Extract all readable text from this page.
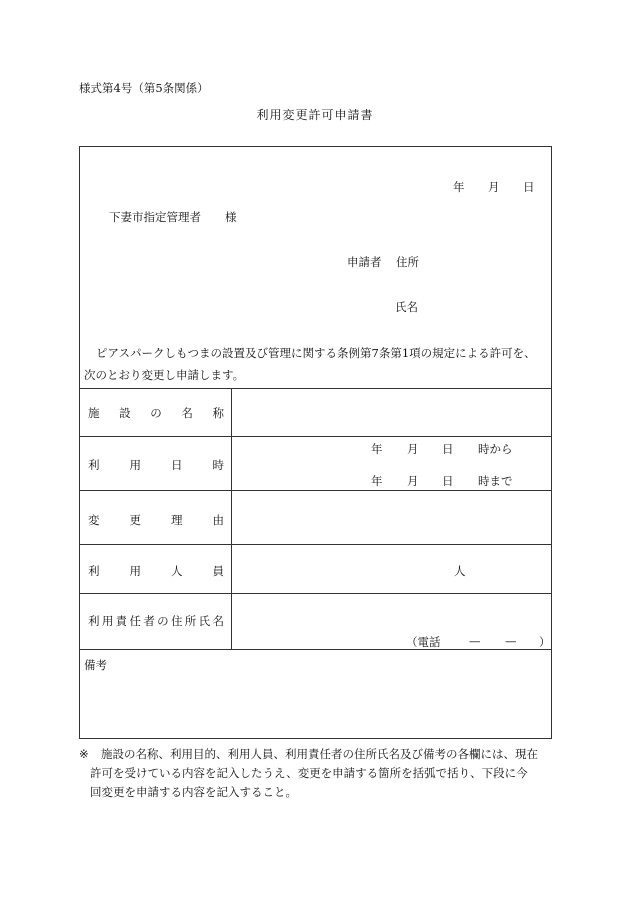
様式第4号（第5条関係）
利用変更許可申請書
年 月 日
下妻市指定管理者 様
申請者 住所
氏名
ピアスパークしもつまの設置及び管理に関する条例第7条第1項の規定による許可を、
次のとおり変更し申請します。
施 設 の 名 称
利	用	日	時
年 月 日 時から
年 月 日 時まで
変	更	理	由
利	用	人	員	人
利 用 責 任 者 の 住 所 氏 名
（電話 — — ）
備考
※ 施設の名称、利用目的、利用人員、利用責任者の住所氏名及び備考の各欄には、現在
許可を受けている内容を記入したうえ、変更を申請する箇所を括弧で括り、下段に今
回変更を申請する内容を記入すること。
